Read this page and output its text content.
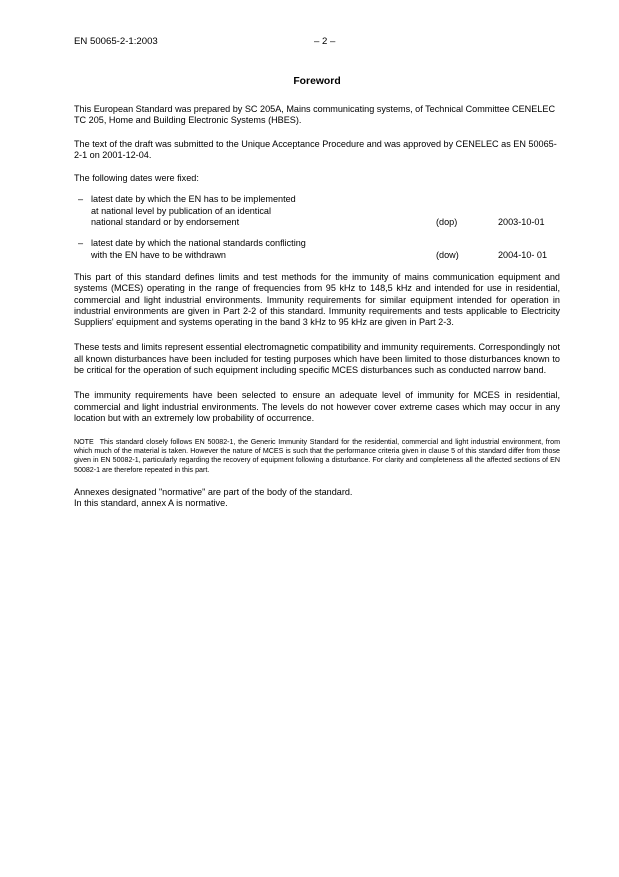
EN 50065-2-1:2003	– 2 –
Foreword

This European Standard was prepared by SC 205A, Mains communicating systems, of Technical Committee CENELEC TC 205, Home and Building Electronic Systems (HBES).

The text of the draft was submitted to the Unique Acceptance Procedure and was approved by CENELEC as EN 50065-2-1 on 2001-12-04.

The following dates were fixed:

– latest date by which the EN has to be implemented
at national level by publication of an identical
national standard or by endorsement	(dop)	2003-10-01
– latest date by which the national standards conflicting
with the EN have to be withdrawn	(dow)	2004-10- 01

This part of this standard defines limits and test methods for the immunity of mains communication equipment and systems (MCES) operating in the range of frequencies from 95 kHz to 148,5 kHz and intended for use in residential, commercial and light industrial environments. Immunity requirements for similar equipment intended for operation in industrial environments are given in Part 2-2 of this standard. Immunity requirements and tests applicable to Electricity Suppliers' equipment and systems operating in the band 3 kHz to 95 kHz are given in Part 2-3.

These tests and limits represent essential electromagnetic compatibility and immunity requirements. Correspondingly not all known disturbances have been included for testing purposes which have been limited to those disturbances known to be critical for the operation of such equipment including specific MCES disturbances such as conducted narrow band.

The immunity requirements have been selected to ensure an adequate level of immunity for MCES in residential, commercial and light industrial environments. The levels do not however cover extreme cases which may occur in any location but with an extremely low probability of occurrence.

NOTE This standard closely follows EN 50082-1, the Generic Immunity Standard for the residential, commercial and light industrial environment, from which much of the material is taken. However the nature of MCES is such that the performance criteria given in clause 5 of this standard differ from those given in EN 50082-1, particularly regarding the recovery of equipment following a disturbance. For clarity and completeness all the affected sections of EN 50082-1 are therefore repeated in this part.

Annexes designated "normative" are part of the body of the standard.
In this standard, annex A is normative.
